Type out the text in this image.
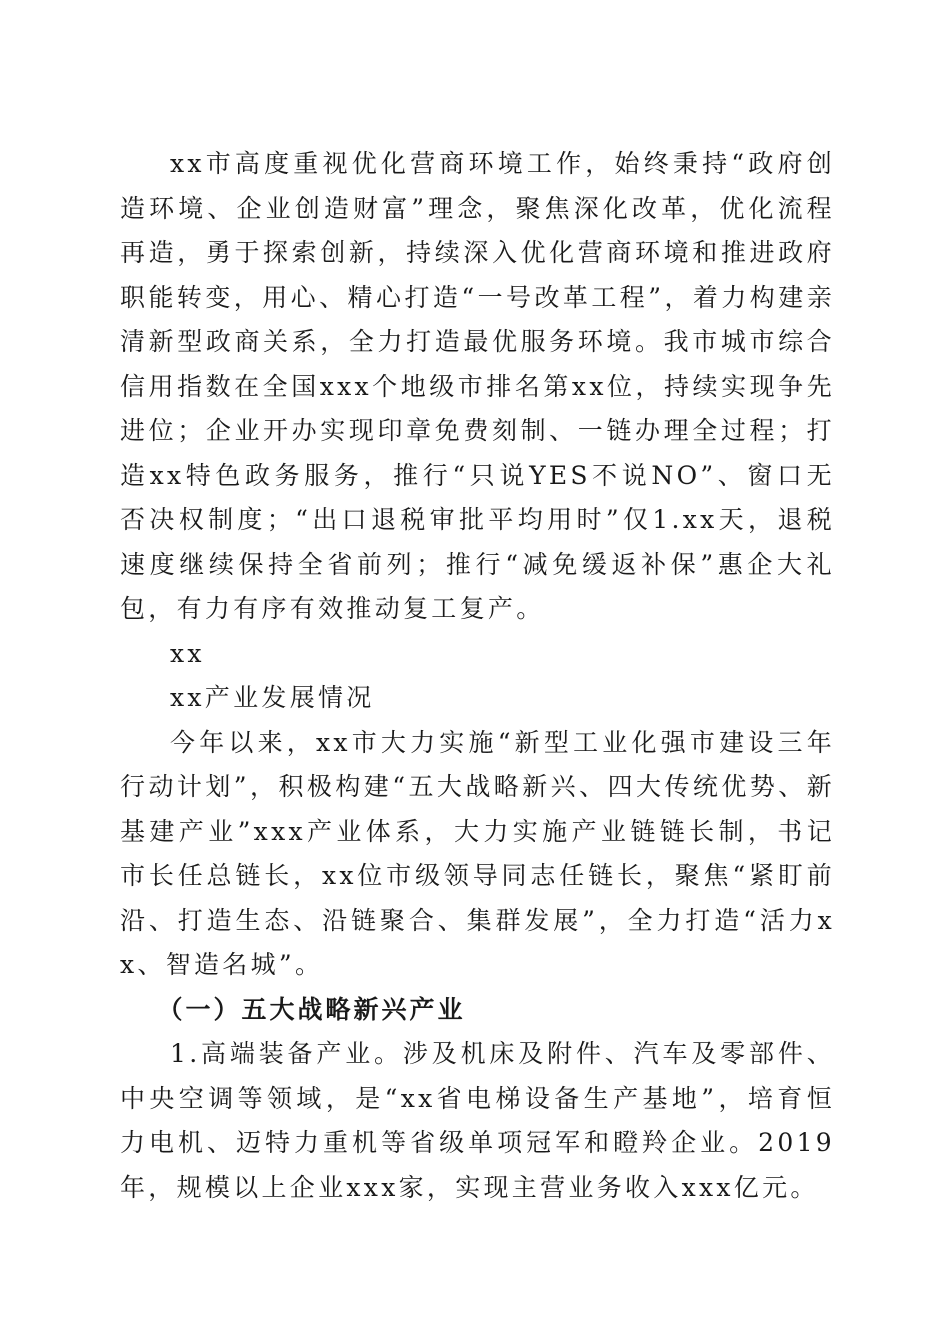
xx市高度重视优化营商环境工作，始终秉持“政府创造环境、企业创造财富”理念，聚焦深化改革，优化流程再造，勇于探索创新，持续深入优化营商环境和推进政府职能转变，用心、精心打造“一号改革工程”，着力构建亲清新型政商关系，全力打造最优服务环境。我市城市综合信用指数在全国xxx个地级市排名第xx位，持续实现争先进位；企业开办实现印章免费刻制、一链办理全过程；打造xx特色政务服务，推行“只说YES不说NO”、窗口无否决权制度；“出口退税审批平均用时”仅1.xx天，退税速度继续保持全省前列；推行“减免缓返补保”惠企大礼包，有力有序有效推动复工复产。

xx

xx产业发展情况

今年以来，xx市大力实施“新型工业化强市建设三年行动计划”，积极构建“五大战略新兴、四大传统优势、新基建产业”xxx产业体系，大力实施产业链链长制，书记市长任总链长，xx位市级领导同志任链长，聚焦“紧盯前沿、打造生态、沿链聚合、集群发展”，全力打造“活力xx、智造名城”。

（一）五大战略新兴产业

1.高端装备产业。涉及机床及附件、汽车及零部件、中央空调等领域，是“xx省电梯设备生产基地”，培育恒力电机、迈特力重机等省级单项冠军和瞪羚企业。2019年，规模以上企业xxx家，实现主营业务收入xxx亿元。
